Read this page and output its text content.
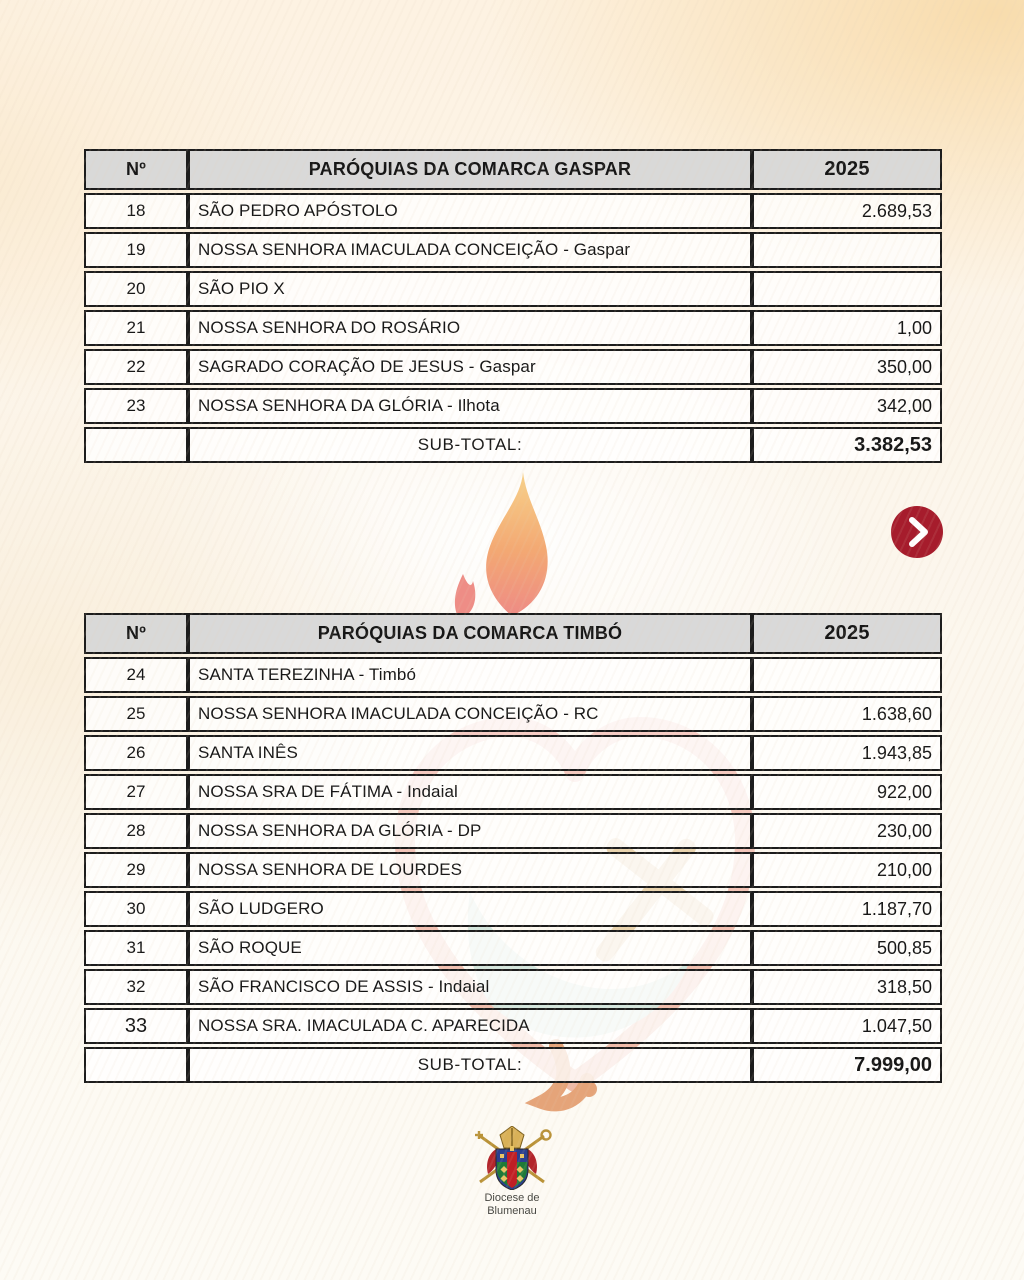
Nº	PARÓQUIAS DA COMARCA GASPAR	2025
18	SÃO PEDRO APÓSTOLO	2.689,53
19	NOSSA SENHORA IMACULADA CONCEIÇÃO - Gaspar	
20	SÃO PIO X	
21	NOSSA SENHORA DO ROSÁRIO	1,00
22	SAGRADO CORAÇÃO DE JESUS - Gaspar	350,00
23	NOSSA SENHORA DA GLÓRIA - Ilhota	342,00
	SUB-TOTAL:	3.382,53
Nº	PARÓQUIAS DA COMARCA TIMBÓ	2025
24	SANTA TEREZINHA - Timbó	
25	NOSSA SENHORA IMACULADA CONCEIÇÃO - RC	1.638,60
26	SANTA INÊS	1.943,85
27	NOSSA SRA DE FÁTIMA - Indaial	922,00
28	NOSSA SENHORA DA GLÓRIA - DP	230,00
29	NOSSA SENHORA DE LOURDES	210,00
30	SÃO LUDGERO	1.187,70
31	SÃO ROQUE	500,85
32	SÃO FRANCISCO DE ASSIS - Indaial	318,50
33	NOSSA SRA. IMACULADA C. APARECIDA	1.047,50
	SUB-TOTAL:	7.999,00
Diocese de
Blumenau
